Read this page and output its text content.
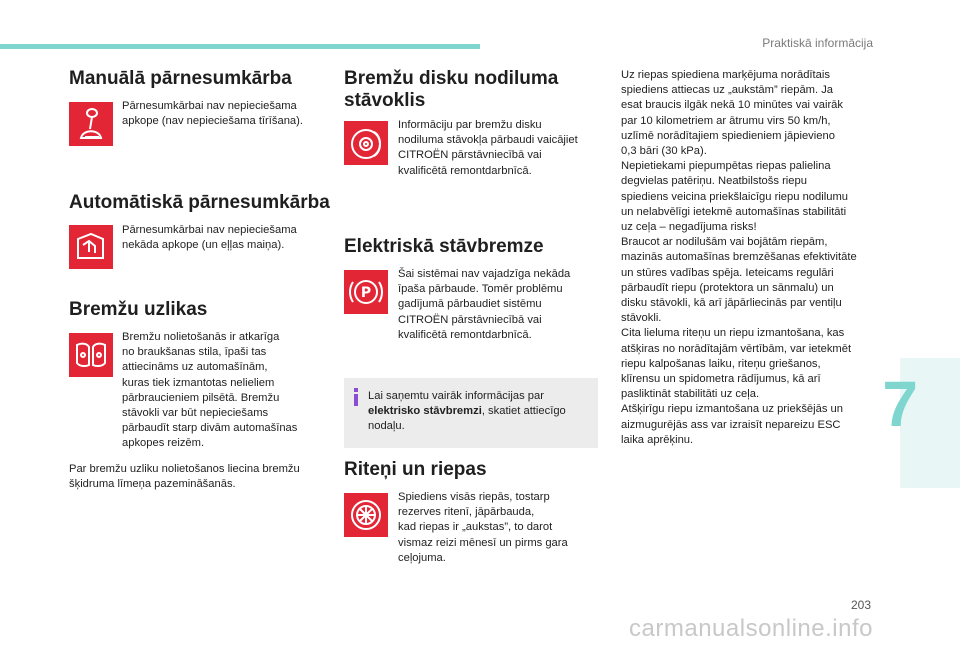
Praktiskā informācija
7
Manuālā pārnesumkārba
Pārnesumkārbai nav nepieciešama
apkope (nav nepieciešama tīrīšana).
Automātiskā pārnesumkārba
Pārnesumkārbai nav nepieciešama
nekāda apkope (un eļļas maiņa).
Bremžu uzlikas
Bremžu nolietošanās ir atkarīga
no braukšanas stila, īpaši tas
attiecināms uz automašīnām,
kuras tiek izmantotas nelieliem
pārbraucieniem pilsētā. Bremžu
stāvokli var būt nepieciešams
pārbaudīt starp divām automašīnas
apkopes reizēm.
Par bremžu uzliku nolietošanos liecina bremžu
šķidruma līmeņa pazemināšanās.
Bremžu disku nodiluma
stāvoklis
Informāciju par bremžu disku
nodiluma stāvokļa pārbaudi vaicājiet
CITROËN pārstāvniecībā vai
kvalificētā remontdarbnīcā.
Elektriskā stāvbremze
P
Šai sistēmai nav vajadzīga nekāda
īpaša pārbaude. Tomēr problēmu
gadījumā pārbaudiet sistēmu
CITROËN pārstāvniecībā vai
kvalificētā remontdarbnīcā.
Lai saņemtu vairāk informācijas par
elektrisko stāvbremzi, skatiet attiecīgo
nodaļu.
Riteņi un riepas
Spiediens visās riepās, tostarp
rezerves ritenī, jāpārbauda,
kad riepas ir „aukstas”, to darot
vismaz reizi mēnesī un pirms gara
ceļojuma.
Uz riepas spiediena marķējuma norādītais
spiediens attiecas uz „aukstām” riepām. Ja
esat braucis ilgāk nekā 10 minūtes vai vairāk
par 10 kilometriem ar ātrumu virs 50 km/h,
uzlīmē norādītajiem spiedieniem jāpievieno
0,3 bāri (30 kPa).
Nepietiekami piepumpētas riepas palielina
degvielas patēriņu. Neatbilstošs riepu
spiediens veicina priekšlaicīgu riepu nodilumu
un nelabvēlīgi ietekmē automašīnas stabilitāti
uz ceļa – negadījuma risks!
Braucot ar nodilušām vai bojātām riepām,
mazinās automašīnas bremzēšanas efektivitāte
un stūres vadības spēja. Ieteicams regulāri
pārbaudīt riepu (protektora un sānmalu) un
disku stāvokli, kā arī jāpārliecinās par ventiļu
stāvokli.
Cita lieluma riteņu un riepu izmantošana, kas
atšķiras no norādītajām vērtībām, var ietekmēt
riepu kalpošanas laiku, riteņu griešanos,
klīrensu un spidometra rādījumus, kā arī
pasliktināt stabilitāti uz ceļa.
Atšķirīgu riepu izmantošana uz priekšējās un
aizmugurējās ass var izraisīt nepareizu ESC
laika aprēķinu.
203
carmanualsonline.info
